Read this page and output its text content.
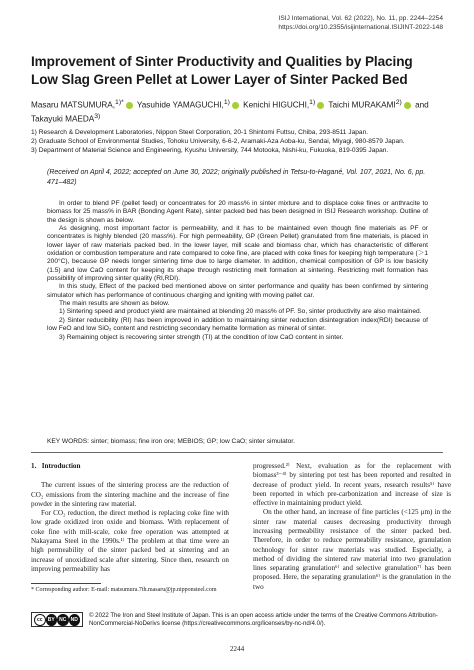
ISIJ International, Vol. 62 (2022), No. 11, pp. 2244–2254
https://doi.org/10.2355/isijinternational.ISIJINT-2022-148
Improvement of Sinter Productivity and Qualities by Placing Low Slag Green Pellet at Lower Layer of Sinter Packed Bed
Masaru MATSUMURA,$^{1)*}$ Yasuhide YAMAGUCHI,$^{1)}$ Kenichi HIGUCHI,$^{1)}$ Taichi MURAKAMI$^{2)}$ and Takayuki MAEDA$^{3)}$
1) Research & Development Laboratories, Nippon Steel Corporation, 20-1 Shintomi Futtsu, Chiba, 293-8511 Japan.
2) Graduate School of Environmental Studies, Tohoku University, 6-6-2, Aramaki-Aza Aoba-ku, Sendai, Miyagi, 980-8579 Japan.
3) Department of Material Science and Engineering, Kyushu University, 744 Motooka, Nishi-ku, Fukuoka, 819-0395 Japan.
(Received on April 4, 2022; accepted on June 30, 2022; originally published in Tetsu-to-Hagané, Vol. 107, 2021, No. 6, pp. 471–482)

In order to blend PF (pellet feed) or concentrates for 20 mass% in sinter mixture and to displace coke fines or anthracite to biomass for 25 mass% in BAR (Bonding Agent Rate), sinter packed bed has been designed in ISIJ Research workshop. Outline of the design is shown as below.

As designing, most important factor is permeability, and it has to be maintained even though fine materials as PF or concentrates is highly blended (20 mass%). For high permeability, GP (Green Pellet) granulated from fine materials, is placed in lower layer of raw materials packed bed. In the lower layer, mill scale and biomass char, which has characteristic of different oxidation or combustion temperature and rate compared to coke fine, are placed with coke fines for keeping high temperature (＞1 200°C), because GP needs longer sintering time due to large diameter. In addition, chemical composition of GP is low basicity (1.5) and low CaO content for keeping its shape through restricting melt formation at sintering. Restricting melt formation has possibility of improving sinter quality (RI,RDI).

In this study, Effect of the packed bed mentioned above on sinter performance and quality has been confirmed by sintering simulator which has performance of continuous charging and igniting with moving pallet car.

The main results are shown as below.

1) Sintering speed and product yield are maintained at blending 20 mass% of PF. So, sinter productivity are also maintained.

2) Sinter reducibility (RI) has been improved in addition to maintaining sinter reduction disintegration index(RDI) because of low FeO and low SiO₂ content and restricting secondary hematite formation as mineral of sinter.

3) Remaining object is recovering sinter strength (TI) at the condition of low CaO content in sinter.

KEY WORDS: sinter; biomass; fine iron ore; MEBIOS; GP; low CaO; sinter simulator.

1. Introduction

The current issues of the sintering process are the reduction of CO₂ emissions from the sintering machine and the increase of fine powder in the sintering raw material.

For CO₂ reduction, the direct method is replacing coke fine with low grade oxidized iron oxide and biomass. With replacement of coke fine with mill-scale, coke free operation was attempted at Nakayama Steel in the 1990s.¹⁾ The problem at that time were an high permeability of the sinter packed bed at sintering and an increase of unoxidized scale after sintering. Since then, research on improving permeability has

progressed.²⁾ Next, evaluation as for the replacement with biomass³⁻⁴⁾ by sintering pot test has been reported and resulted in decrease of product yield. In recent years, research results⁵⁾ have been reported in which pre-carbonization and increase of size is effective in maintaining product yield.

On the other hand, an increase of fine particles (<125 μm) in the sinter raw material causes decreasing productivity through increasing permeability resistance of the sinter packed bed. Therefore, in order to reduce permeability resistance, granulation technology for sinter raw materials was studied. Especially, a method of dividing the sintered raw material into two granulation lines separating granulation⁶⁾ and selective granulation⁷⁾ has been proposed. Here, the separating granulation⁶⁾ is the granulation in the two

* Corresponding author: E-mail: matsumura.7th.masaru@jp.nipponsteel.com
cc	BY NC ND
© 2022 The Iron and Steel Institute of Japan. This is an open access article under the terms of the Creative Commons Attribution-NonCommercial-NoDerivs license (https://creativecommons.org/licenses/by-nc-nd/4.0/).
2244
